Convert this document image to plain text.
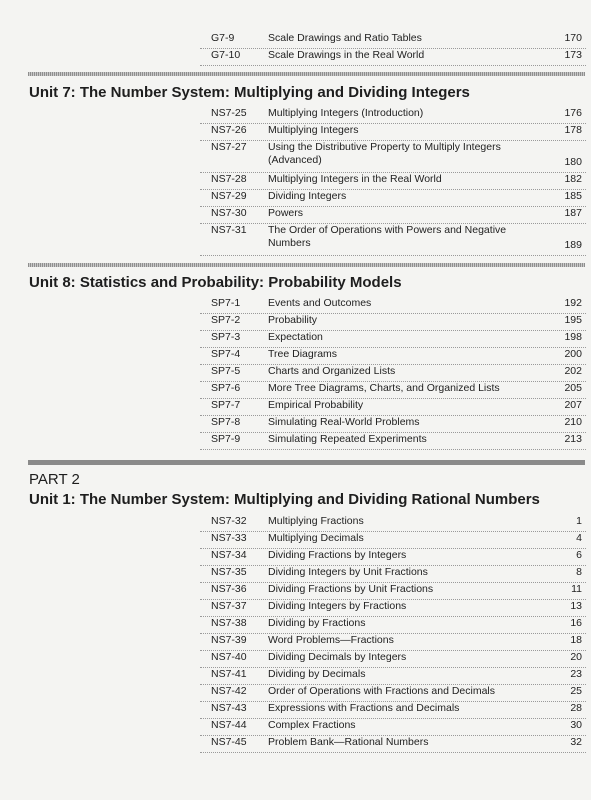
G7-9	Scale Drawings and Ratio Tables	170
G7-10	Scale Drawings in the Real World	173
Unit 7: The Number System: Multiplying and Dividing Integers
NS7-25 Multiplying Integers (Introduction)	176
NS7-26 Multiplying Integers	178
NS7-27 Using the Distributive Property to Multiply Integers (Advanced)	180
NS7-28 Multiplying Integers in the Real World	182
NS7-29 Dividing Integers	185
NS7-30 Powers	187
NS7-31 The Order of Operations with Powers and Negative Numbers	189
Unit 8: Statistics and Probability: Probability Models
SP7-1	Events and Outcomes	192
SP7-2	Probability	195
SP7-3	Expectation	198
SP7-4	Tree Diagrams	200
SP7-5	Charts and Organized Lists	202
SP7-6	More Tree Diagrams, Charts, and Organized Lists	205
SP7-7	Empirical Probability	207
SP7-8	Simulating Real-World Problems	210
SP7-9	Simulating Repeated Experiments	213
PART 2
Unit 1: The Number System: Multiplying and Dividing Rational Numbers
NS7-32 Multiplying Fractions	1
NS7-33 Multiplying Decimals	4
NS7-34 Dividing Fractions by Integers	6
NS7-35 Dividing Integers by Unit Fractions	8
NS7-36 Dividing Fractions by Unit Fractions	11
NS7-37 Dividing Integers by Fractions	13
NS7-38 Dividing by Fractions	16
NS7-39 Word Problems—Fractions	18
NS7-40 Dividing Decimals by Integers	20
NS7-41 Dividing by Decimals	23
NS7-42 Order of Operations with Fractions and Decimals	25
NS7-43 Expressions with Fractions and Decimals	28
NS7-44 Complex Fractions	30
NS7-45 Problem Bank—Rational Numbers	32
